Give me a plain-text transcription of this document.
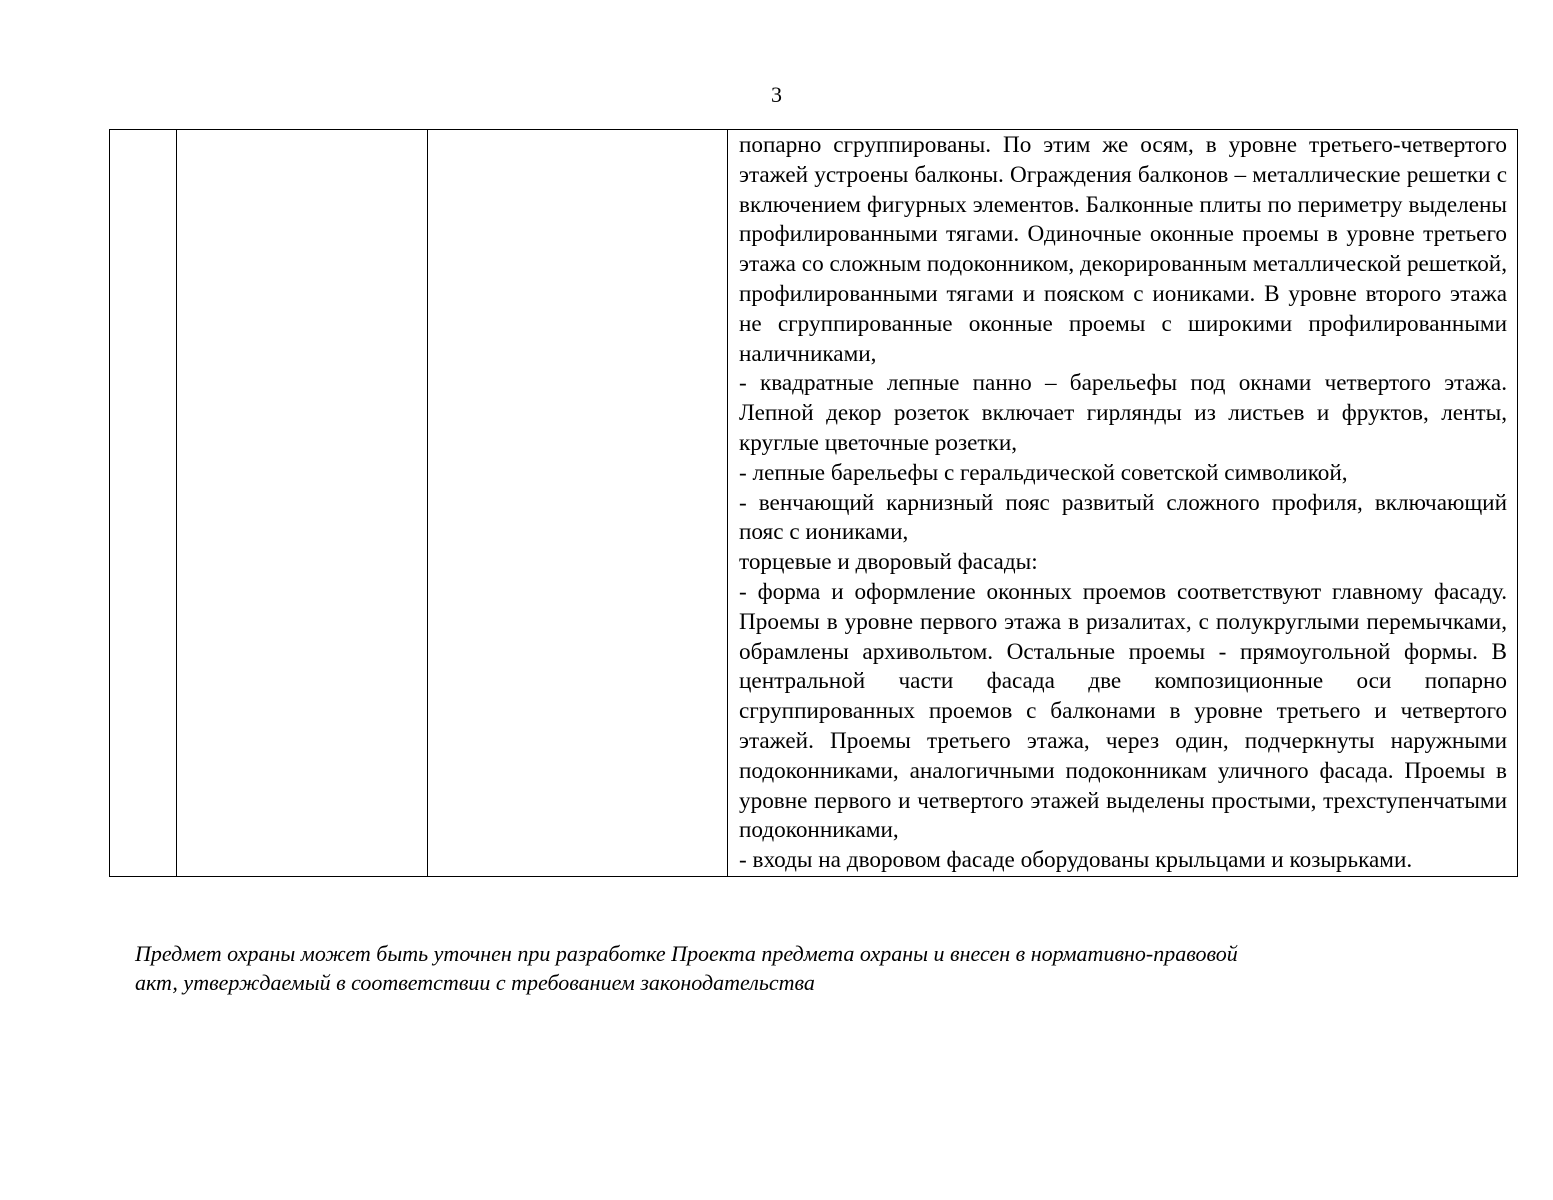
3

попарно сгруппированы. По этим же осям, в уровне третьего-четвертого этажей устроены балконы. Ограждения балконов – металлические решетки с включением фигурных элементов. Балконные плиты по периметру выделены профилированными тягами. Одиночные оконные проемы в уровне третьего этажа со сложным подоконником, декорированным металлической решеткой, профилированными тягами и пояском с иониками. В уровне второго этажа не сгруппированные оконные проемы с широкими профилированными наличниками,

- квадратные лепные панно – барельефы под окнами четвертого этажа. Лепной декор розеток включает гирлянды из листьев и фруктов, ленты, круглые цветочные розетки,

- лепные барельефы с геральдической советской символикой,

- венчающий карнизный пояс развитый сложного профиля, включающий пояс с иониками,

торцевые и дворовый фасады:

- форма и оформление оконных проемов соответствуют главному фасаду. Проемы в уровне первого этажа в ризалитах, с полукруглыми перемычками, обрамлены архивольтом. Остальные проемы - прямоугольной формы. В центральной части фасада две композиционные оси попарно сгруппированных проемов с балконами в уровне третьего и четвертого этажей. Проемы третьего этажа, через один, подчеркнуты наружными подоконниками, аналогичными подоконникам уличного фасада. Проемы в уровне первого и четвертого этажей выделены простыми, трехступенчатыми подоконниками,

- входы на дворовом фасаде оборудованы крыльцами и козырьками.

Предмет охраны может быть уточнен при разработке Проекта предмета охраны и внесен в нормативно-правовой
акт, утверждаемый в соответствии с требованием законодательства
